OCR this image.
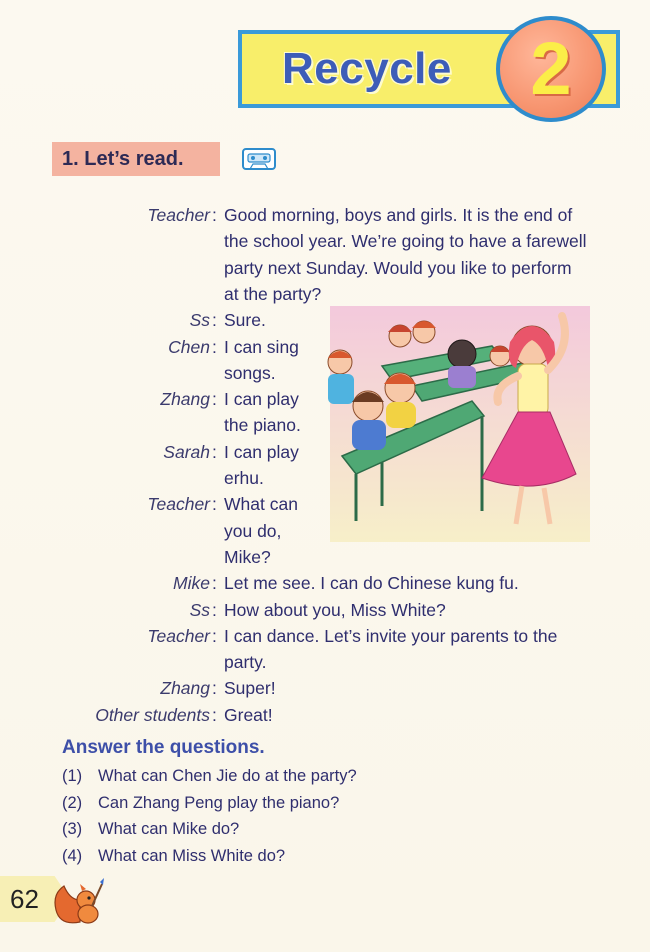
Recycle	2
1. Let’s read.
Teacher : Good morning, boys and girls. It is the end of
the school year. We’re going to have a farewell
party next Sunday. Would you like to perform
at the party?
Ss : Sure.
Chen : I can sing
songs.
Zhang : I can play
the piano.
Sarah : I can play
erhu.
Teacher : What can
you do,
Mike?
Mike : Let me see. I can do Chinese kung fu.
Ss : How about you, Miss White?
Teacher : I can dance. Let’s invite your parents to the
party.
Zhang : Super!
Other students : Great!
Answer the questions.
(1) What can Chen Jie do at the party?
(2) Can Zhang Peng play the piano?
(3) What can Mike do?
(4) What can Miss White do?
62
